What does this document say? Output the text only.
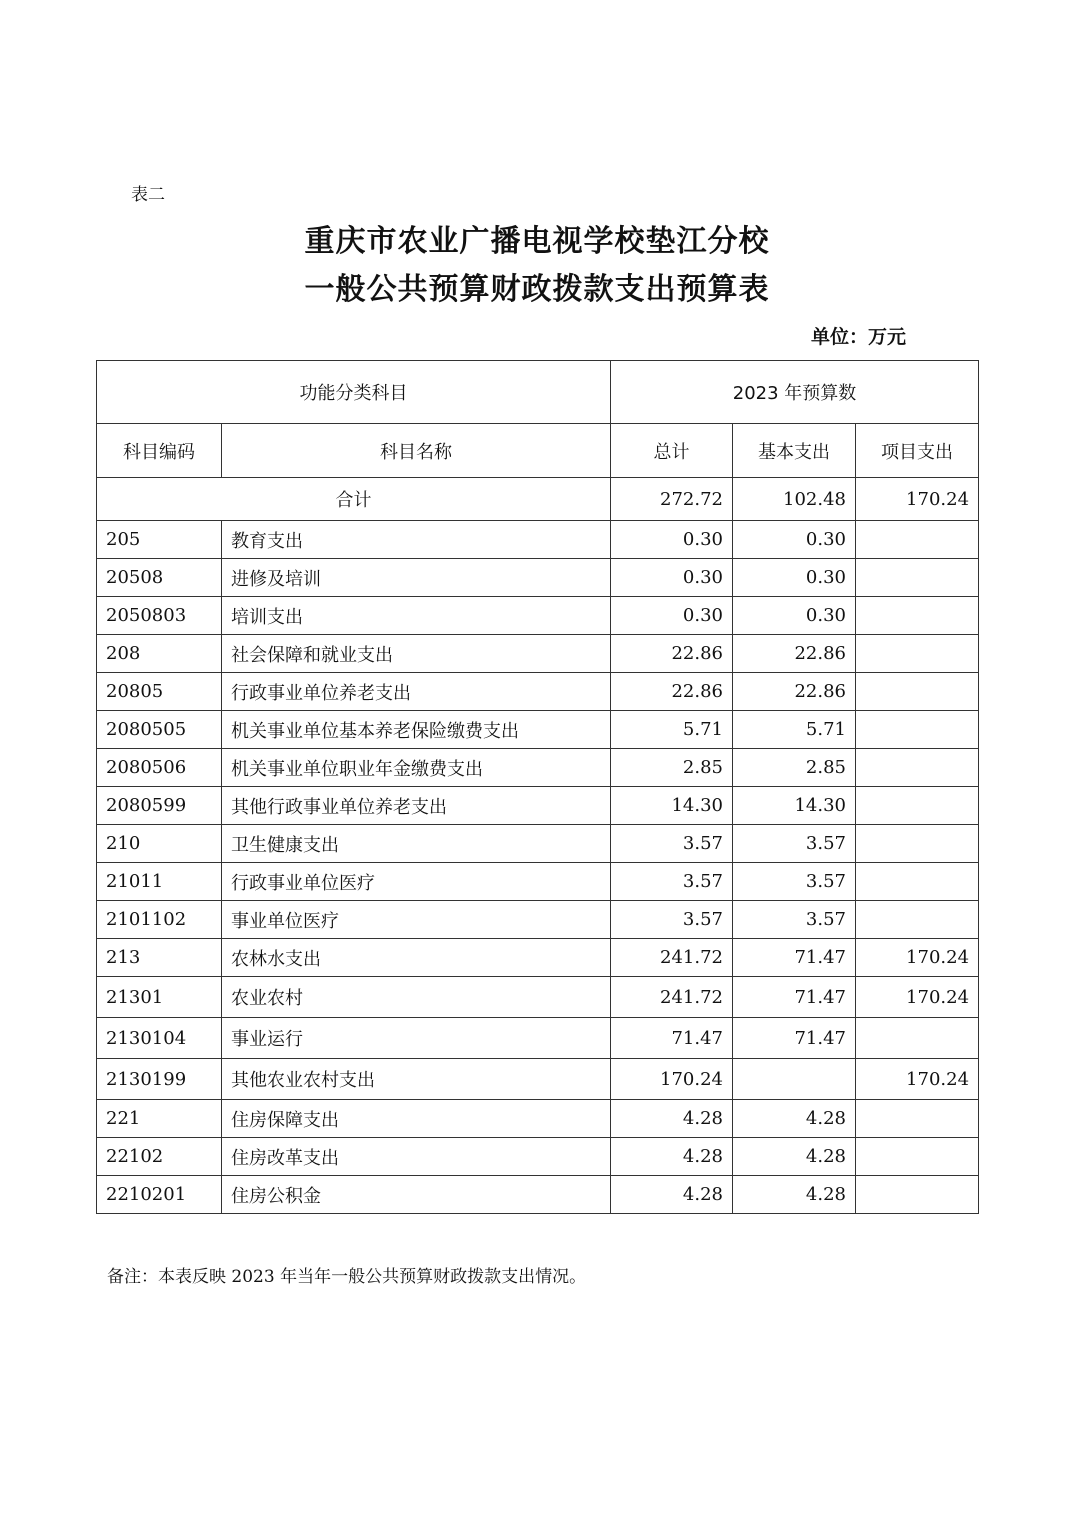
表二
重庆市农业广播电视学校垫江分校
一般公共预算财政拨款支出预算表
单位：万元
功能分类科目		2023 年预算数		
科目编码	科目名称	总计	基本支出	项目支出
合计		272.72	102.48	170.24
205	教育支出	0.30	0.30	
20508	进修及培训	0.30	0.30	
2050803	培训支出	0.30	0.30	
208	社会保障和就业支出	22.86	22.86	
20805	行政事业单位养老支出	22.86	22.86	
2080505	机关事业单位基本养老保险缴费支出	5.71	5.71	
2080506	机关事业单位职业年金缴费支出	2.85	2.85	
2080599	其他行政事业单位养老支出	14.30	14.30	
210	卫生健康支出	3.57	3.57	
21011	行政事业单位医疗	3.57	3.57	
2101102	事业单位医疗	3.57	3.57	
213	农林水支出	241.72	71.47	170.24
21301	农业农村	241.72	71.47	170.24
2130104	事业运行	71.47	71.47	
2130199	其他农业农村支出	170.24		170.24
221	住房保障支出	4.28	4.28	
22102	住房改革支出	4.28	4.28	
2210201	住房公积金	4.28	4.28	
备注：本表反映 2023 年当年一般公共预算财政拨款支出情况。
